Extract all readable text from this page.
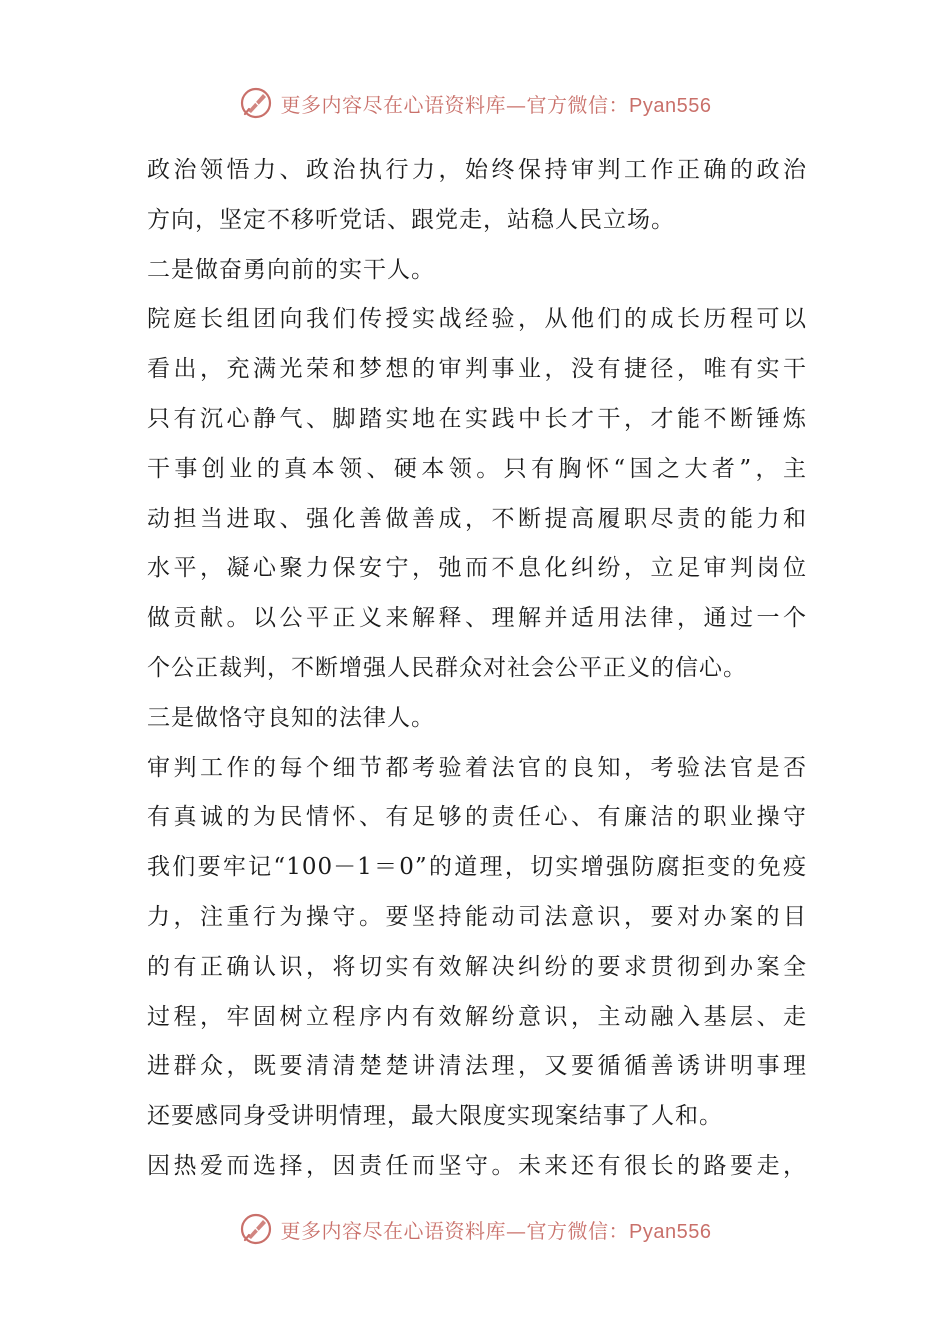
更多内容尽在心语资料库—官方微信：Pyan556
政治领悟力、政治执行力，始终保持审判工作正确的政治
方向，坚定不移听党话、跟党走，站稳人民立场。
二是做奋勇向前的实干人。
院庭长组团向我们传授实战经验，从他们的成长历程可以
看出，充满光荣和梦想的审判事业，没有捷径，唯有实干
只有沉心静气、脚踏实地在实践中长才干，才能不断锤炼
干事创业的真本领、硬本领。只有胸怀“国之大者”，主
动担当进取、强化善做善成，不断提高履职尽责的能力和
水平，凝心聚力保安宁，弛而不息化纠纷，立足审判岗位
做贡献。以公平正义来解释、理解并适用法律，通过一个
个公正裁判，不断增强人民群众对社会公平正义的信心。
三是做恪守良知的法律人。
审判工作的每个细节都考验着法官的良知，考验法官是否
有真诚的为民情怀、有足够的责任心、有廉洁的职业操守
我们要牢记“100－1＝0”的道理，切实增强防腐拒变的免疫
力，注重行为操守。要坚持能动司法意识，要对办案的目
的有正确认识，将切实有效解决纠纷的要求贯彻到办案全
过程，牢固树立程序内有效解纷意识，主动融入基层、走
进群众，既要清清楚楚讲清法理，又要循循善诱讲明事理
还要感同身受讲明情理，最大限度实现案结事了人和。
因热爱而选择，因责任而坚守。未来还有很长的路要走，
更多内容尽在心语资料库—官方微信：Pyan556
